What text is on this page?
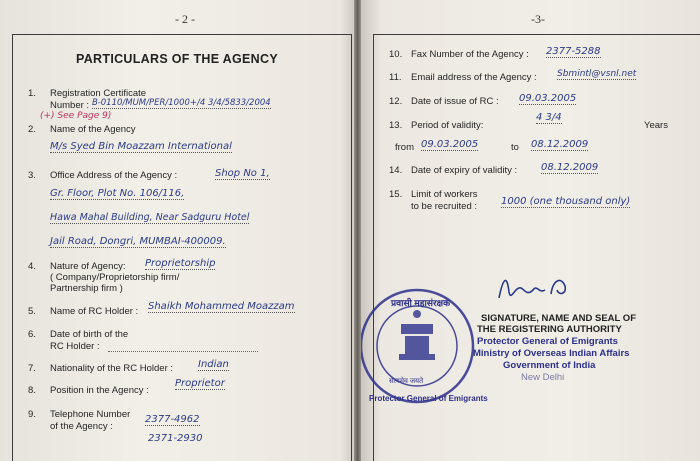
- 2 -
PARTICULARS OF THE AGENCY
1. Registration Certificate
Number : B-0110/MUM/PER/1000+/4 3/4/5833/2004
(+) See Page 9)
2. Name of the Agency
M/s Syed Bin Moazzam International
3. Office Address of the Agency :	Shop No 1,
Gr. Floor, Plot No. 106/116,
Hawa Mahal Building, Near Sadguru Hotel
Jail Road, Dongri, MUMBAI-400009.
4. Nature of Agency:
( Company/Proprietorship firm/
Partnership firm )
Proprietorship
5. Name of RC Holder : Shaikh Mohammed Moazzam
6. Date of birth of the
RC Holder :
7. Nationality of the RC Holder : Indian
8. Position in the Agency :
Proprietor
9. Telephone Number
of the Agency :
2377-4962
2371-2930
-3-
10. Fax Number of the Agency : 2377-5288
11. Email address of the Agency : Sbmintl@vsnl.net
12. Date of issue of RC : 09.03.2005
13. Period of validity:
4 3/4
Years
from 09.03.2005	to 08.12.2009
14. Date of expiry of validity : 08.12.2009
15. Limit of workers
to be recruited : 1000 (one thousand only)
SIGNATURE, NAME AND SEAL OF
THE REGISTERING AUTHORITY
Protector General of Emigrants
Ministry of Overseas Indian Affairs
Government of India
New Delhi
प्रवासी महासंरक्षक
सत्यमेव जयते
Protector General of Emigrants
